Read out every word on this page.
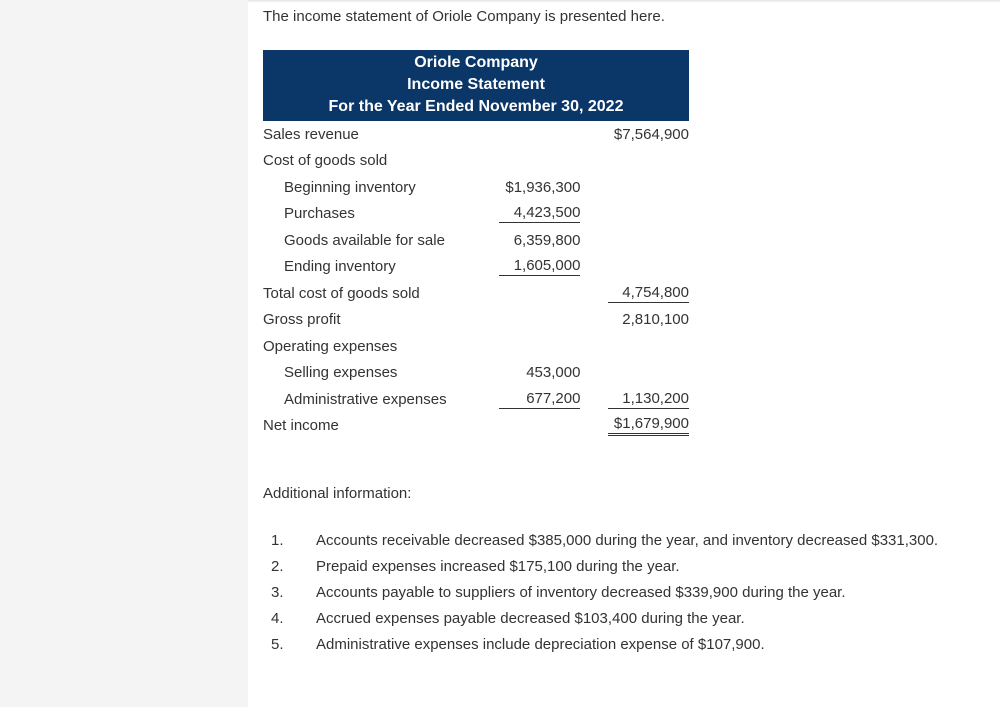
The income statement of Oriole Company is presented here.
Oriole Company
Income Statement
For the Year Ended November 30, 2022
Sales revenue			$7,564,900
Cost of goods sold			
Beginning inventory	$1,936,300		
Purchases	4,423,500		
Goods available for sale	6,359,800		
Ending inventory	1,605,000		
Total cost of goods sold			4,754,800
Gross profit			2,810,100
Operating expenses			
Selling expenses	453,000		
Administrative expenses	677,200		1,130,200
Net income			$1,679,900
Additional information:
1. Accounts receivable decreased $385,000 during the year, and inventory decreased $331,300.
2. Prepaid expenses increased $175,100 during the year.
3. Accounts payable to suppliers of inventory decreased $339,900 during the year.
4. Accrued expenses payable decreased $103,400 during the year.
5. Administrative expenses include depreciation expense of $107,900.
